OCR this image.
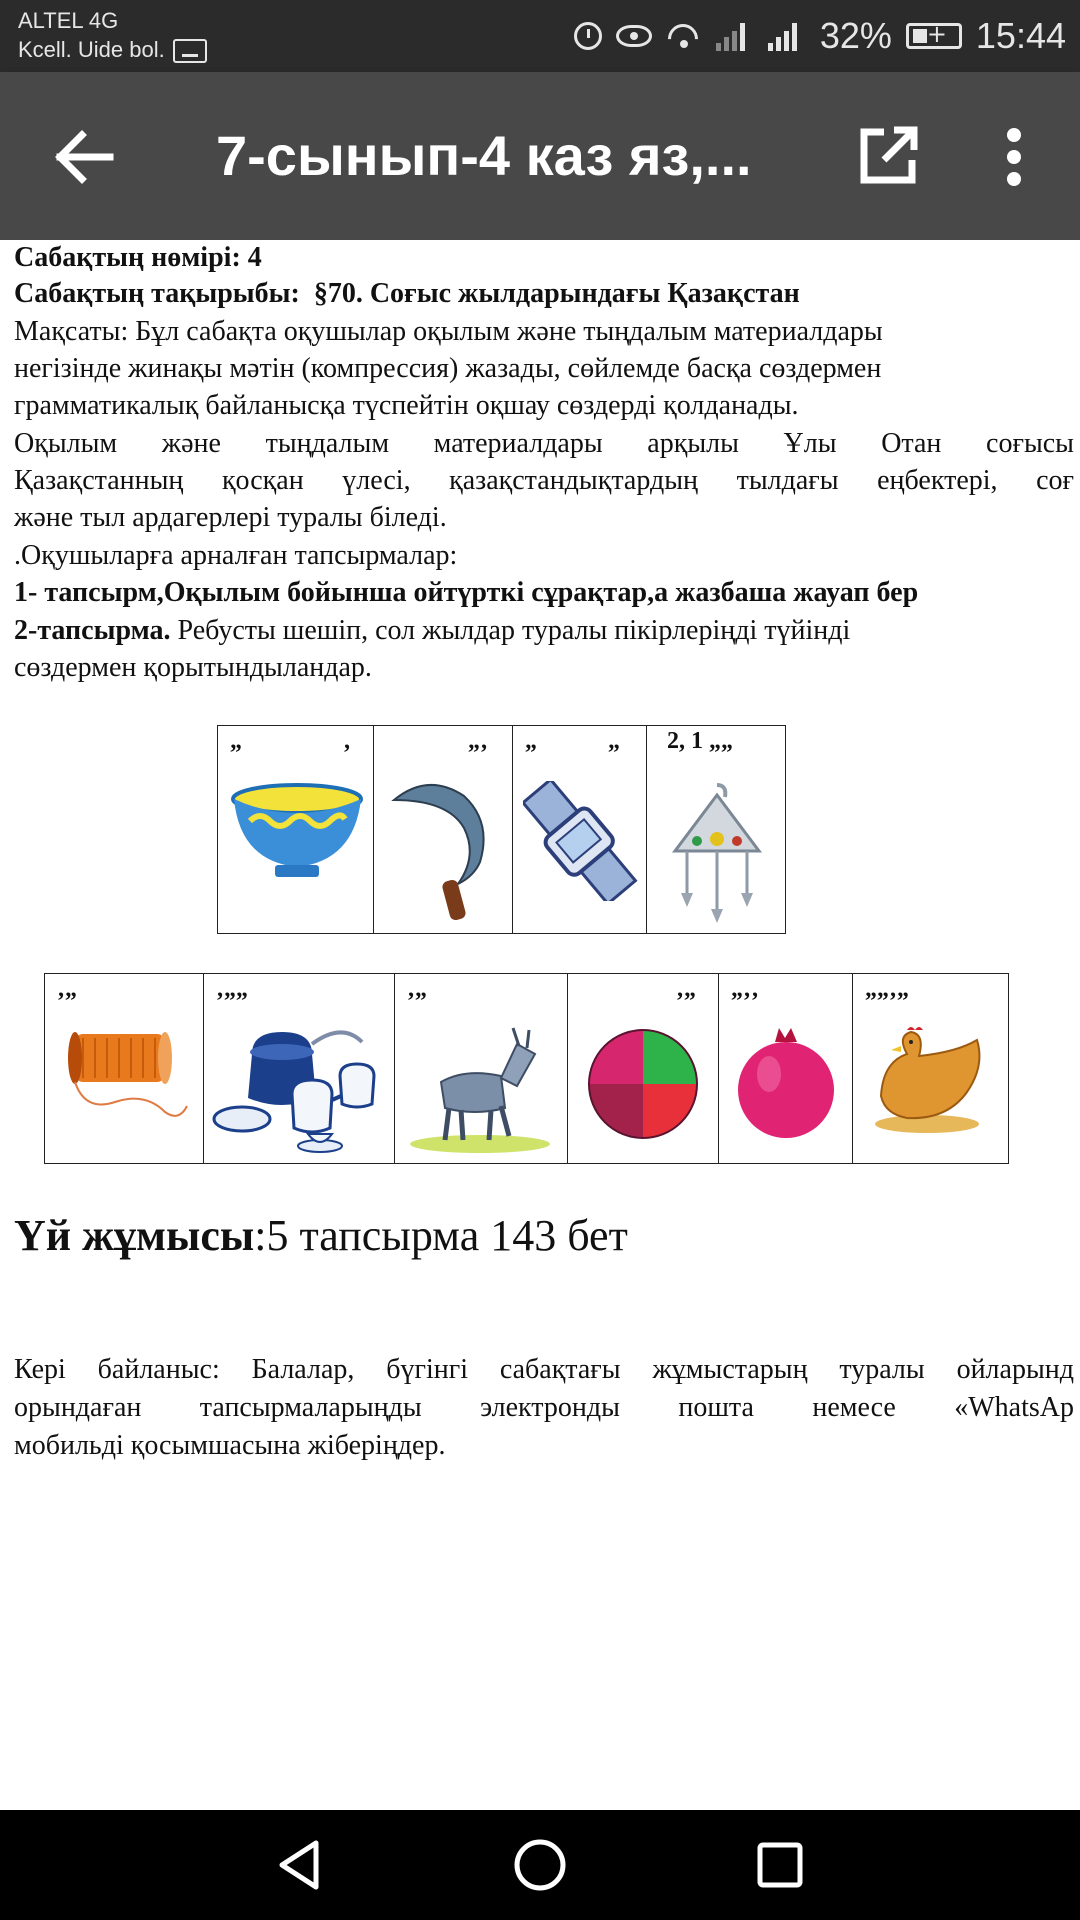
ALTEL 4G
Kcell. Uide bol.	32%
+ 15:44
7-сынып-4 каз яз,...
Сабақтың нөмірі: 4
Сабақтың тақырыбы: §70. Соғыс жылдарындағы Қазақстан
Мақсаты: Бұл сабақта оқушылар оқылым және тыңдалым материалдары
негізінде жинақы мәтін (компрессия) жазады, сөйлемде басқа сөздермен
грамматикалық байланысқа түспейтін оқшау сөздерді қолданады.
Оқылым және тыңдалым материалдары арқылы Ұлы Отан соғысы
Қазақстанның қосқан үлесі, қазақстандықтардың тылдағы еңбектері, соғ
және тыл ардагерлері туралы біледі.
.Оқушыларға арналған тапсырмалар:
1- тапсырм,Оқылым бойынша ойтүрткі сұрақтар,а жазбаша жауап бер
2-тапсырма. Ребусты шешіп, сол жылдар туралы пікірлеріңді түйінді
сөздермен қорытындыландар.
„	‚	„‚	„	„	2, 1 „„
‚„	‚„„	‚„	‚„	„‚‚	„„‚„
Үй жұмысы:5 тапсырма 143 бет
Кері байланыс: Балалар, бүгінгі сабақтағы жұмыстарың туралы ойларынд
орындаған тапсырмаларыңды электронды пошта немесе «WhatsAp
мобильді қосымшасына жіберіңдер.
